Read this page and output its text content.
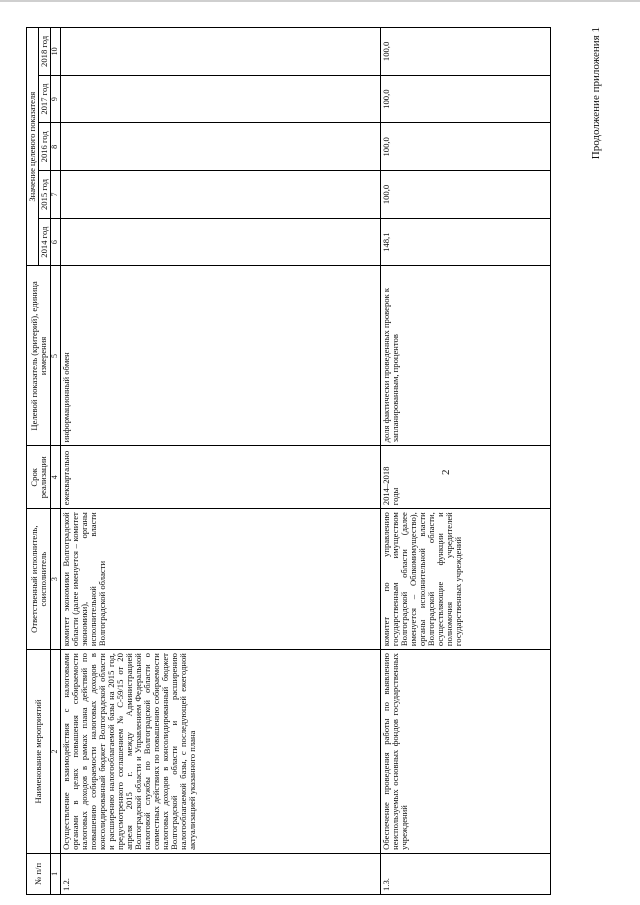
2
Продолжение приложения 1
№ п/п	Наименование мероприятий	Ответственный исполнитель, соисполнитель	Срок реализации	Целевой показатель (критерий), единица измерения	Значение целевого показателя				
					2014 год	2015 год	2016 год	2017 год	2018 год
1	2	3	4	5	6	7	8	9	10
1.2.	Осуществление взаимодействия с налоговыми органами в целях повышения собираемости налоговых доходов в рамках плана действий по повышению собираемости налоговых доходов в консолидированный бюджет Волгоградской области и расширению налогооблагаемой базы на 2015 год, предусмотренного соглашением № С-59/15 от 20 апреля 2015 г. между Администрацией Волгоградской области и Управлением Федеральной налоговой службы по Волгоградской области о совместных действиях по повышению собираемости налоговых доходов в консолидированный бюджет Волгоградской области и расширению налогооблагаемой базы, с последующей ежегодной актуализацией указанного плана	комитет экономики Волгоградской области (далее именуется – комитет экономики), органы исполнительной власти Волгоградской области	ежеквартально	информационный обмен					
1.3.	Обеспечение проведения работы по выявлению неиспользуемых основных фондов государственных учреждений	комитет по управлению государственным имуществом Волгоградской области (далее именуется – Облкомимущество), органы исполнительной власти Волгоградской области, осуществляющие функции и полномочия учредителей государственных учреждений	2014–2018 годы	доля фактически проведенных проверок к запланированным, процентов	148,1	100,0	100,0	100,0	100,0
